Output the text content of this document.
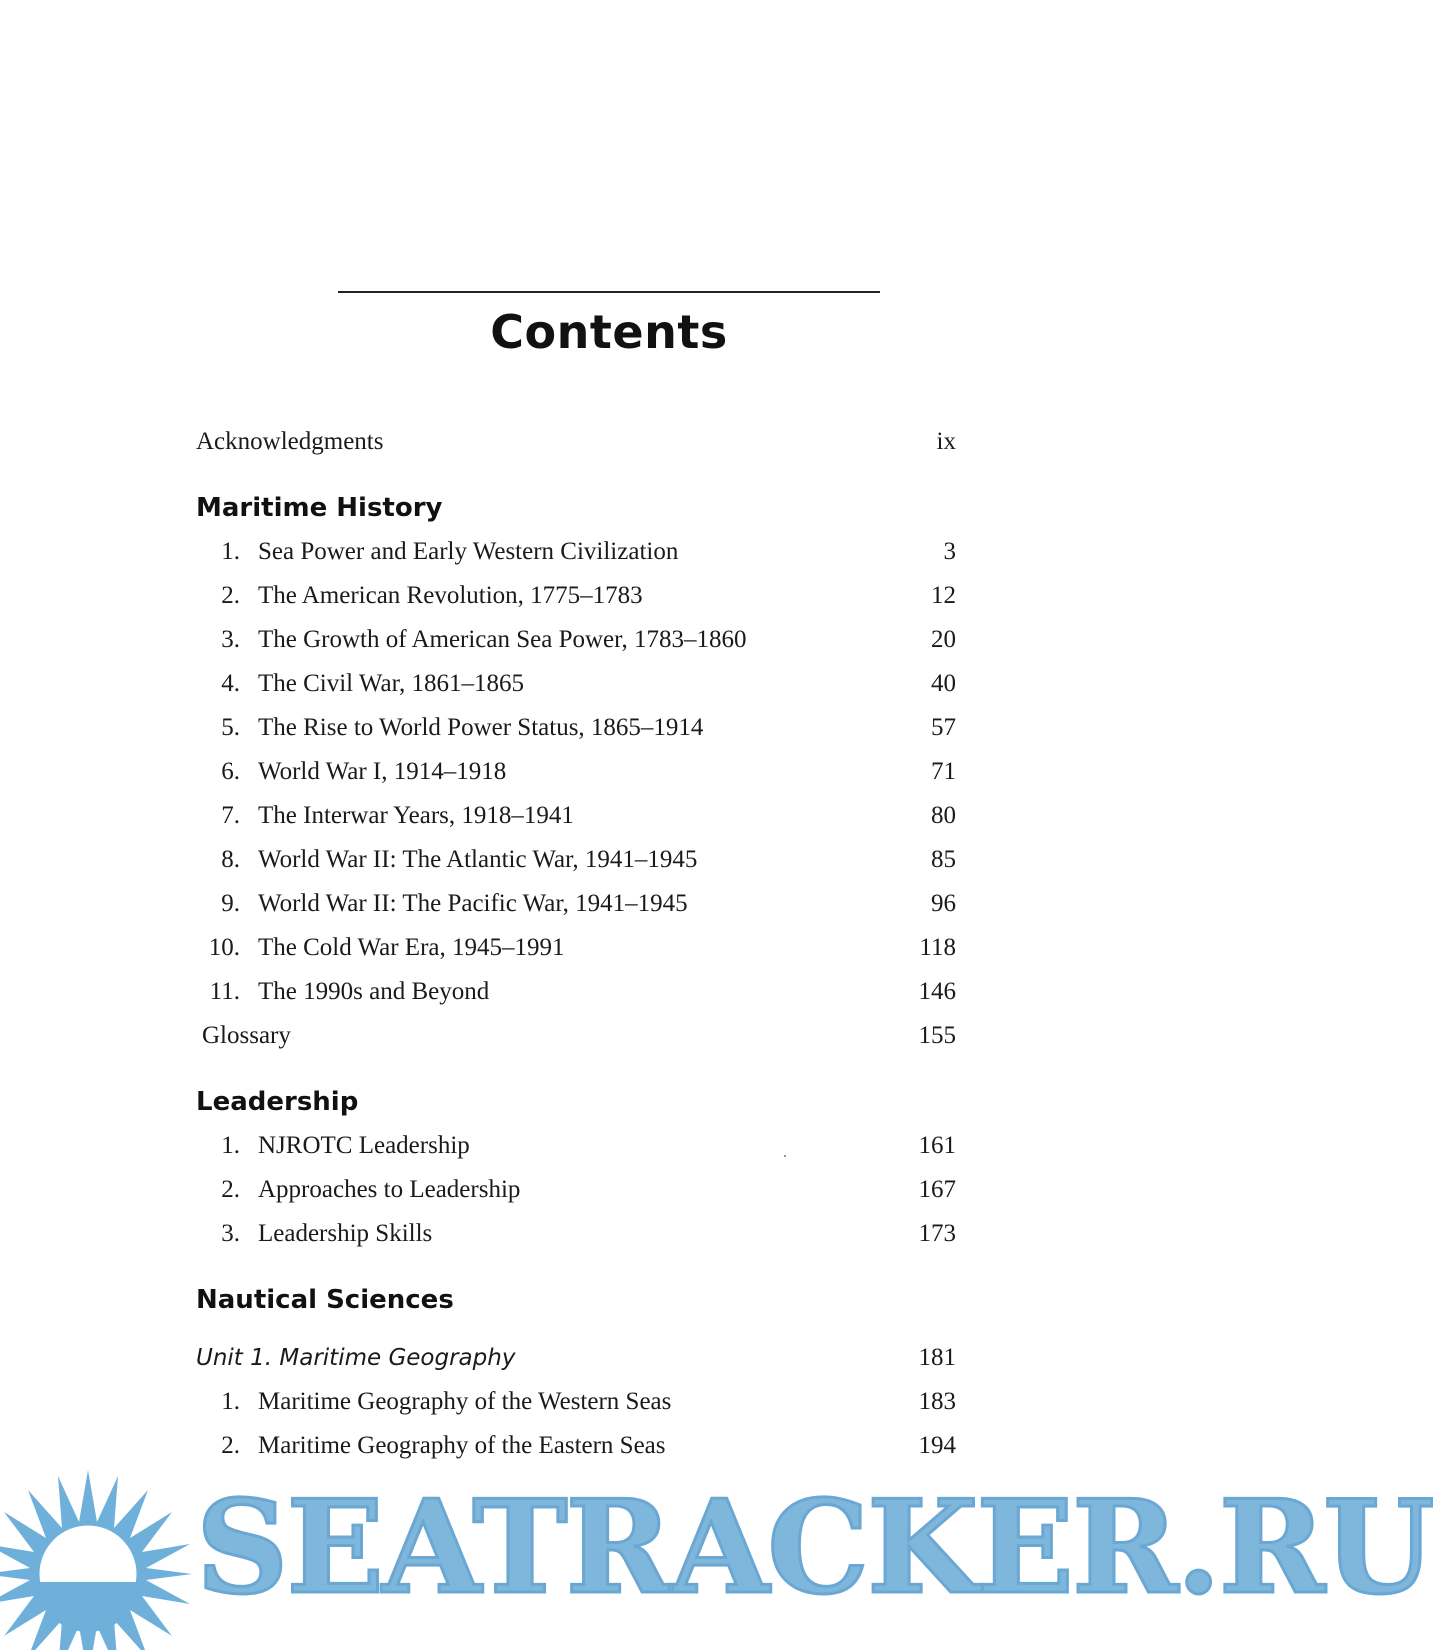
Contents
Acknowledgments	ix
Maritime History
1. Sea Power and Early Western Civilization	3
2. The American Revolution, 1775–1783	12
3. The Growth of American Sea Power, 1783–1860	20
4. The Civil War, 1861–1865	40
5. The Rise to World Power Status, 1865–1914	57
6. World War I, 1914–1918	71
7. The Interwar Years, 1918–1941	80
8. World War II: The Atlantic War, 1941–1945	85
9. World War II: The Pacific War, 1941–1945	96
10. The Cold War Era, 1945–1991	118
11. The 1990s and Beyond	146
Glossary	155
Leadership
1. NJROTC Leadership	161
2. Approaches to Leadership	167
3. Leadership Skills	173
Nautical Sciences
Unit 1. Maritime Geography	181
1. Maritime Geography of the Western Seas	183
2. Maritime Geography of the Eastern Seas	194
SEATRACKER.RU
